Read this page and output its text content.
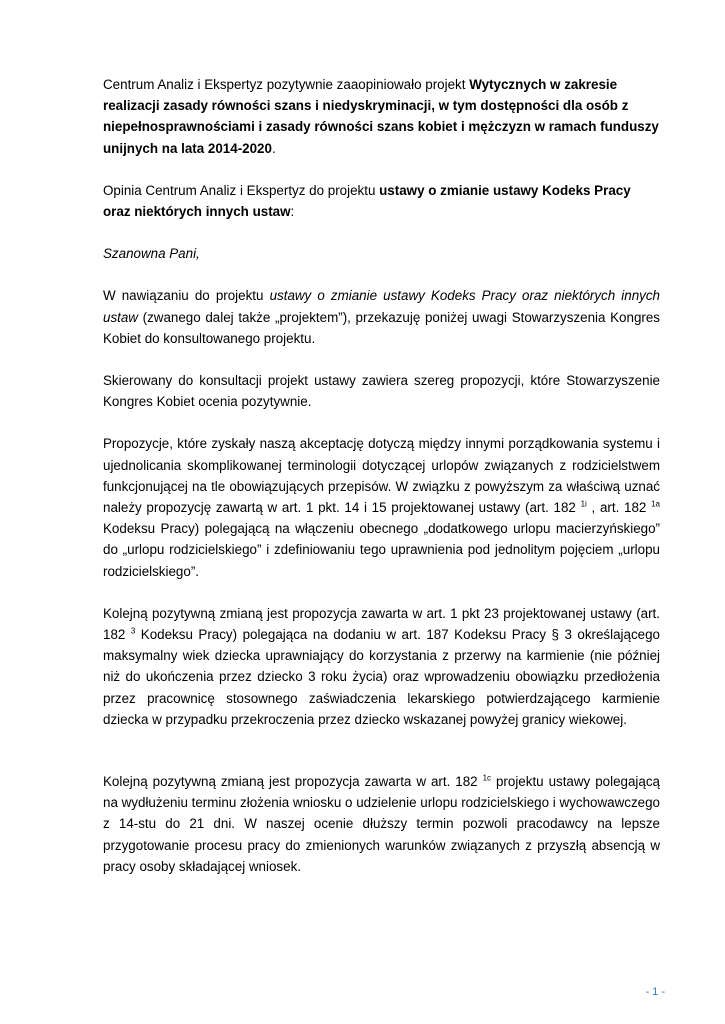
Centrum Analiz i Ekspertyz pozytywnie zaaopiniowało projekt Wytycznych w zakresie realizacji zasady równości szans i niedyskryminacji, w tym dostępności dla osób z niepełnosprawnościami i zasady równości szans kobiet i mężczyzn w ramach funduszy unijnych na lata 2014-2020.

Opinia Centrum Analiz i Ekspertyz do projektu ustawy o zmianie ustawy Kodeks Pracy oraz niektórych innych ustaw:

Szanowna Pani,

W nawiązaniu do projektu ustawy o zmianie ustawy Kodeks Pracy oraz niektórych innych ustaw (zwanego dalej także „projektem”), przekazuję poniżej uwagi Stowarzyszenia Kongres Kobiet do konsultowanego projektu.

Skierowany do konsultacji projekt ustawy zawiera szereg propozycji, które Stowarzyszenie Kongres Kobiet ocenia pozytywnie.

Propozycje, które zyskały naszą akceptację dotyczą między innymi porządkowania systemu i ujednolicania skomplikowanej terminologii dotyczącej urlopów związanych z rodzicielstwem funkcjonującej na tle obowiązujących przepisów. W związku z powyższym za właściwą uznać należy propozycję zawartą w art. 1 pkt. 14 i 15 projektowanej ustawy (art. 182 $^{1i}$ , art. 182 $^{1a}$ Kodeksu Pracy) polegającą na włączeniu obecnego „dodatkowego urlopu macierzyńskiego” do „urlopu rodzicielskiego” i zdefiniowaniu tego uprawnienia pod jednolitym pojęciem „urlopu rodzicielskiego”.

Kolejną pozytywną zmianą jest propozycja zawarta w art. 1 pkt 23 projektowanej ustawy (art. 182 $^3$ Kodeksu Pracy) polegająca na dodaniu w art. 187 Kodeksu Pracy § 3 określającego maksymalny wiek dziecka uprawniający do korzystania z przerwy na karmienie (nie później niż do ukończenia przez dziecko 3 roku życia) oraz wprowadzeniu obowiązku przedłożenia przez pracownicę stosownego zaświadczenia lekarskiego potwierdzającego karmienie dziecka w przypadku przekroczenia przez dziecko wskazanej powyżej granicy wiekowej.

Kolejną pozytywną zmianą jest propozycja zawarta w art. 182 $^{1c}$ projektu ustawy polegającą na wydłużeniu terminu złożenia wniosku o udzielenie urlopu rodzicielskiego i wychowawczego z 14-stu do 21 dni. W naszej ocenie dłuższy termin pozwoli pracodawcy na lepsze przygotowanie procesu pracy do zmienionych warunków związanych z przyszłą absencją w pracy osoby składającej wniosek.

- 1 -
